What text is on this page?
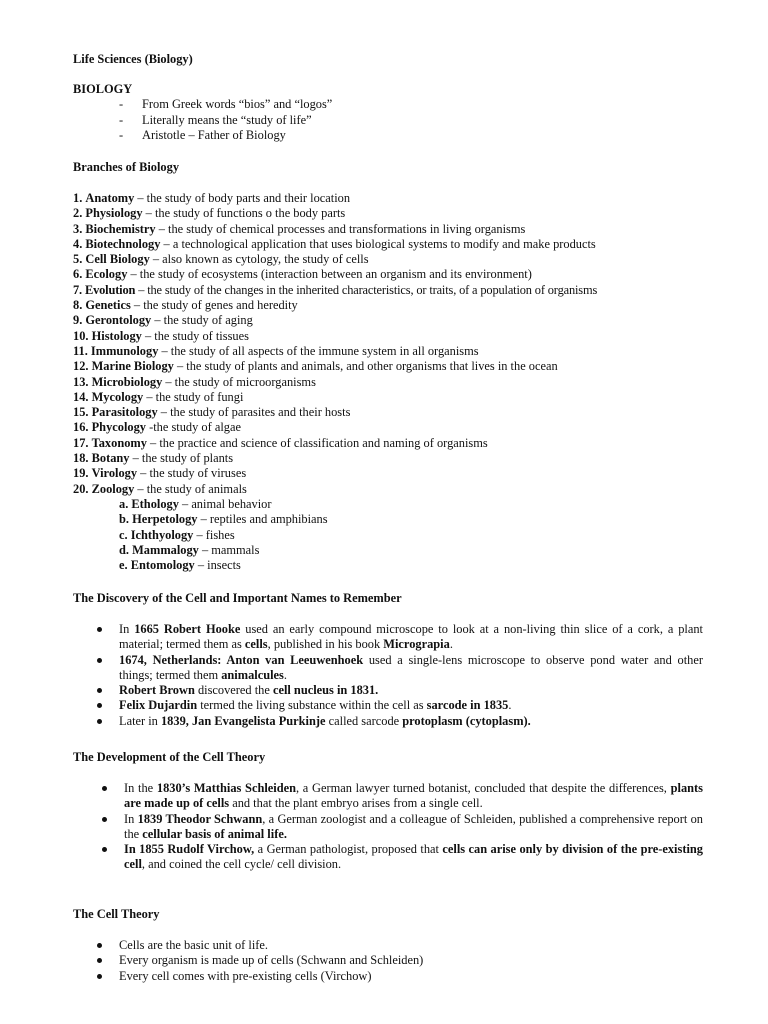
Life Sciences (Biology)
BIOLOGY
- From Greek words “bios” and “logos”
- Literally means the “study of life”
- Aristotle – Father of Biology
Branches of Biology
1. Anatomy – the study of body parts and their location
2. Physiology – the study of functions o the body parts
3. Biochemistry – the study of chemical processes and transformations in living organisms
4. Biotechnology – a technological application that uses biological systems to modify and make products
5. Cell Biology – also known as cytology, the study of cells
6. Ecology – the study of ecosystems (interaction between an organism and its environment)
7. Evolution – the study of the changes in the inherited characteristics, or traits, of a population of organisms
8. Genetics – the study of genes and heredity
9. Gerontology – the study of aging
10. Histology – the study of tissues
11. Immunology – the study of all aspects of the immune system in all organisms
12. Marine Biology – the study of plants and animals, and other organisms that lives in the ocean
13. Microbiology – the study of microorganisms
14. Mycology – the study of fungi
15. Parasitology – the study of parasites and their hosts
16. Phycology -the study of algae
17. Taxonomy – the practice and science of classification and naming of organisms
18. Botany – the study of plants
19. Virology – the study of viruses
20. Zoology – the study of animals
a. Ethology – animal behavior
b. Herpetology – reptiles and amphibians
c. Ichthyology – fishes
d. Mammalogy – mammals
e. Entomology – insects
The Discovery of the Cell and Important Names to Remember
In 1665 Robert Hooke used an early compound microscope to look at a non-living thin slice of a cork, a plant material; termed them as cells, published in his book Micrograpia.
1674, Netherlands: Anton van Leeuwenhoek used a single-lens microscope to observe pond water and other things; termed them animalcules.
Robert Brown discovered the cell nucleus in 1831.
Felix Dujardin termed the living substance within the cell as sarcode in 1835.
Later in 1839, Jan Evangelista Purkinje called sarcode protoplasm (cytoplasm).
The Development of the Cell Theory
In the 1830’s Matthias Schleiden, a German lawyer turned botanist, concluded that despite the differences, plants are made up of cells and that the plant embryo arises from a single cell.
In 1839 Theodor Schwann, a German zoologist and a colleague of Schleiden, published a comprehensive report on the cellular basis of animal life.
In 1855 Rudolf Virchow, a German pathologist, proposed that cells can arise only by division of the pre-existing cell, and coined the cell cycle/ cell division.
The Cell Theory
Cells are the basic unit of life.
Every organism is made up of cells (Schwann and Schleiden)
Every cell comes with pre-existing cells (Virchow)
